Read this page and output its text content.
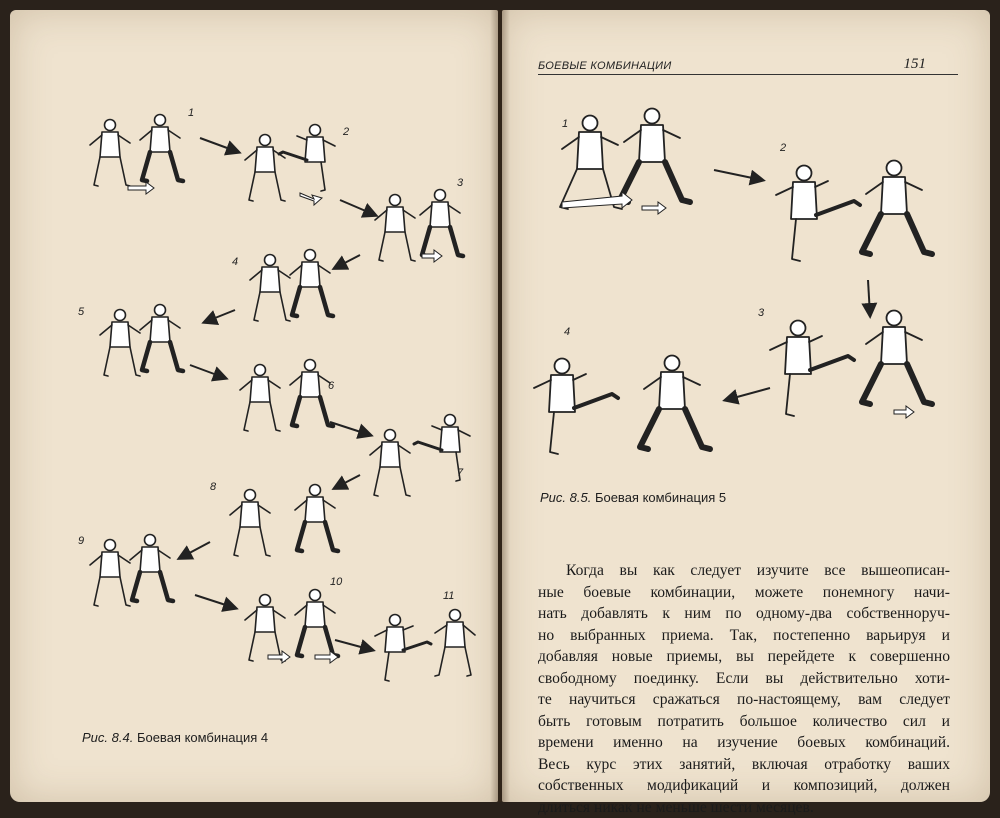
1
2
3
4
5
6
7
8
9
10
11
Рис. 8.4. Боевая комбинация 4
БОЕВЫЕ КОМБИНАЦИИ	151
1
2
3
4
Рис. 8.5. Боевая комбинация 5

Когда вы как следует изучите все вышеописан-
ные боевые комбинации, можете понемногу начи-
нать добавлять к ним по одному-два собственноруч-
но выбранных приема. Так, постепенно варьируя и
добавляя новые приемы, вы перейдете к совершенно
свободному поединку. Если вы действительно хоти-
те научиться сражаться по-настоящему, вам следует
быть готовым потратить большое количество сил и
времени именно на изучение боевых комбинаций.
Весь курс этих занятий, включая отработку ваших
собственных модификаций и композиций, должен
длиться никак не меньше шести месяцев.
